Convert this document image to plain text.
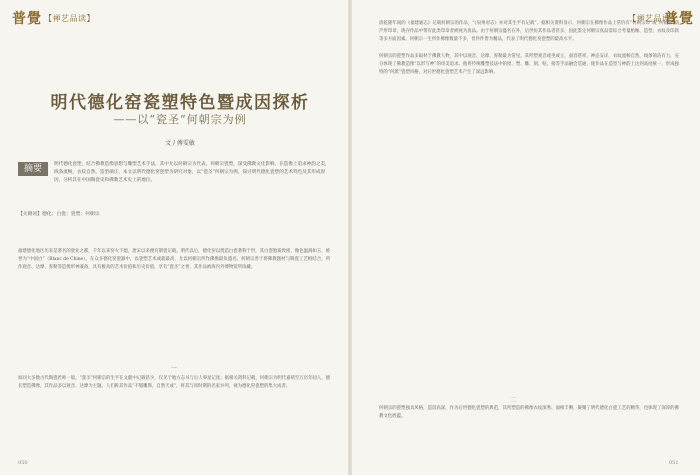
普覺 【禅艺品读】
明代德化窑瓷塑特色暨成因探析
——以“瓷圣”何朝宗为例
文 / 傅雯敏
摘要	明代德化瓷塑，结合佛教造像思想与雕塑艺术手法，其中尤以何朝宗为代表。何朝宗瓷塑，深受佛教文化影响，在造像上追求神韵之美，线条流畅，衣纹自然，造型端庄。本文以明代德化窑瓷塑为研究对象，以“瓷圣”何朝宗为例，探讨明代德化瓷塑的艺术特色及其形成原因，分析其在中国陶瓷史和佛教艺术史上的地位。
【关键词】德化；白瓷；瓷塑；何朝宗
福建德化地区历来是著名的瓷业之都，千年以来窑火不熄，唐宋以来便有制瓷记载。明代以后，德化窑以烧造白瓷著称于世，其白瓷胎质致密，釉色温润如玉，被誉为“中国白”（Blanc de Chine）。在众多德化窑瓷器中，以瓷塑艺术成就最高，尤以何朝宗所作佛像最负盛名。何朝宗善于将佛教题材与陶瓷工艺相结合，所作观音、达摩、弥勒等造像形神兼备，具有极高的艺术价值和历史价值，享有“瓷圣”之誉，其作品被海内外博物馆所珍藏。
一
如同大多数古代陶瓷匠师一般，“瓷圣”何朝宗的生平在文献中记载甚少，仅见于地方志书与后人零星记述。据相关资料记载，何朝宗为明代嘉靖至万历年间人，擅长塑造佛像，其作品多以观音、达摩为主题。人们称其作品“不假雕饰，自然天成”，将其与同时期的名家并列，视为德化窑瓷塑的集大成者。
050
【禅艺品读】
普覺
清乾隆年间的《福建通志》记载何朝宗的作品，“《泉州府志》亦对其生平有记载”。据相关资料显示，何朝宗在佛像作品上常钤有“何朝宗印”或“何朝宗”葫芦形印章，现存作品中带有此类印章者被视为真品。由于何朝宗盛名在外，后世仿其作品者甚多，因此鉴定何朝宗真品需综合考量胎釉、造型、衣纹及印款等多方面因素。何朝宗一生所作佛像数量不多，但件件皆为精品，代表了明代德化窑瓷塑的最高水平。

何朝宗的瓷塑作品多取材于佛教人物，其中以观音、达摩、弥勒最为常见。其所塑观音或坐或立，面容慈祥，神态安详，衣纹流畅自然，线条简洁有力，充分体现了佛教造像“以形写神”的审美追求。他将传统雕塑技法中的捏、塑、雕、刻、贴、接等手法融会贯通，使作品在造型与神韵上达到高度统一，形成独特的“何派”瓷塑风格，对后世德化瓷塑艺术产生了深远影响。
二
何朝宗的瓷塑独具风格，造诣高深，作为后世德化瓷塑的典范，其所塑造的佛像衣纹深秀、面相丰腴，凝聚了明代德化白瓷工艺的精华，也体现了深厚的佛教文化底蕴。
051
